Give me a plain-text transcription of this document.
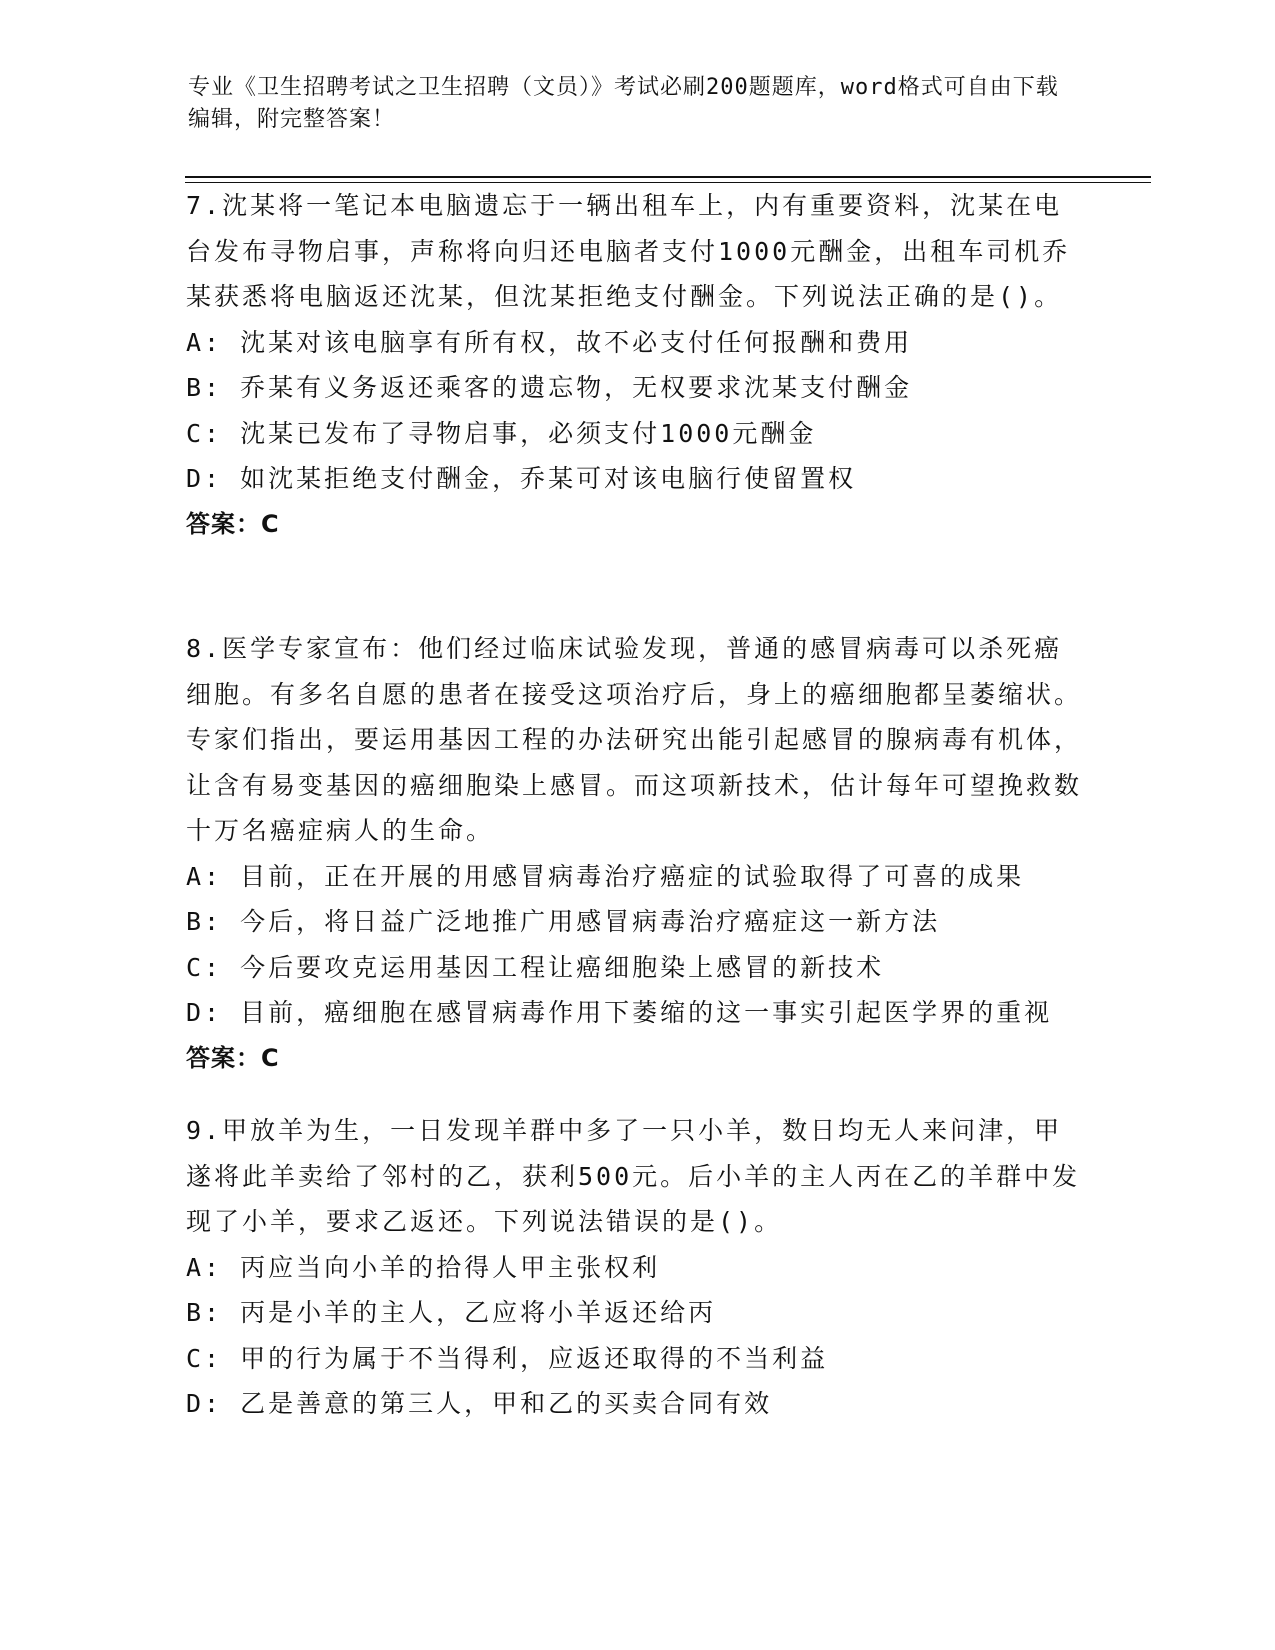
专业《卫生招聘考试之卫生招聘（文员）》考试必刷200题题库，word格式可自由下载编辑，附完整答案！
7.沈某将一笔记本电脑遗忘于一辆出租车上，内有重要资料，沈某在电台发布寻物启事，声称将向归还电脑者支付1000元酬金，出租车司机乔某获悉将电脑返还沈某，但沈某拒绝支付酬金。下列说法正确的是()。
A: 沈某对该电脑享有所有权，故不必支付任何报酬和费用
B: 乔某有义务返还乘客的遗忘物，无权要求沈某支付酬金
C: 沈某已发布了寻物启事，必须支付1000元酬金
D: 如沈某拒绝支付酬金，乔某可对该电脑行使留置权
答案：C
8.医学专家宣布：他们经过临床试验发现，普通的感冒病毒可以杀死癌细胞。有多名自愿的患者在接受这项治疗后，身上的癌细胞都呈萎缩状。专家们指出，要运用基因工程的办法研究出能引起感冒的腺病毒有机体，让含有易变基因的癌细胞染上感冒。而这项新技术，估计每年可望挽救数十万名癌症病人的生命。
A: 目前，正在开展的用感冒病毒治疗癌症的试验取得了可喜的成果
B: 今后，将日益广泛地推广用感冒病毒治疗癌症这一新方法
C: 今后要攻克运用基因工程让癌细胞染上感冒的新技术
D: 目前，癌细胞在感冒病毒作用下萎缩的这一事实引起医学界的重视
答案：C
9.甲放羊为生，一日发现羊群中多了一只小羊，数日均无人来问津，甲遂将此羊卖给了邻村的乙，获利500元。后小羊的主人丙在乙的羊群中发现了小羊，要求乙返还。下列说法错误的是()。
A: 丙应当向小羊的拾得人甲主张权利
B: 丙是小羊的主人，乙应将小羊返还给丙
C: 甲的行为属于不当得利，应返还取得的不当利益
D: 乙是善意的第三人，甲和乙的买卖合同有效
